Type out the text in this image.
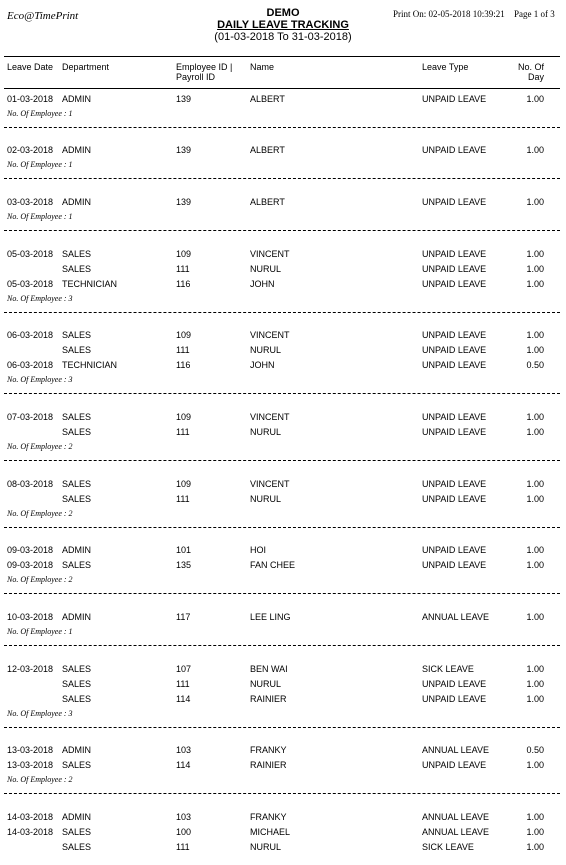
Eco@TimePrint	DEMO
DAILY LEAVE TRACKING
(01-03-2018 To 31-03-2018)
Print On: 02-05-2018 10:39:21 Page 1 of 3
Leave Date Department	Employee ID |
Payroll ID
Name	Leave Type	No. Of
Day
01-03-2018 ADMIN	139	ALBERT	UNPAID LEAVE	1.00
No. Of Employee : 1
02-03-2018 ADMIN	139	ALBERT	UNPAID LEAVE	1.00
No. Of Employee : 1
03-03-2018 ADMIN	139	ALBERT	UNPAID LEAVE	1.00
No. Of Employee : 1
05-03-2018 SALES	109	VINCENT	UNPAID LEAVE	1.00
SALES	111	NURUL	UNPAID LEAVE	1.00
05-03-2018 TECHNICIAN	116	JOHN	UNPAID LEAVE	1.00
No. Of Employee : 3
06-03-2018 SALES	109	VINCENT	UNPAID LEAVE	1.00
SALES	111	NURUL	UNPAID LEAVE	1.00
06-03-2018 TECHNICIAN	116	JOHN	UNPAID LEAVE	0.50
No. Of Employee : 3
07-03-2018 SALES	109	VINCENT	UNPAID LEAVE	1.00
SALES	111	NURUL	UNPAID LEAVE	1.00
No. Of Employee : 2
08-03-2018 SALES	109	VINCENT	UNPAID LEAVE	1.00
SALES	111	NURUL	UNPAID LEAVE	1.00
No. Of Employee : 2
09-03-2018 ADMIN	101	HOI	UNPAID LEAVE	1.00
09-03-2018 SALES	135	FAN CHEE	UNPAID LEAVE	1.00
No. Of Employee : 2
10-03-2018 ADMIN	117	LEE LING	ANNUAL LEAVE	1.00
No. Of Employee : 1
12-03-2018 SALES	107	BEN WAI	SICK LEAVE	1.00
SALES	111	NURUL	UNPAID LEAVE	1.00
SALES	114	RAINIER	UNPAID LEAVE	1.00
No. Of Employee : 3
13-03-2018 ADMIN	103	FRANKY	ANNUAL LEAVE	0.50
13-03-2018 SALES	114	RAINIER	UNPAID LEAVE	1.00
No. Of Employee : 2
14-03-2018 ADMIN	103	FRANKY	ANNUAL LEAVE	1.00
14-03-2018 SALES	100	MICHAEL	ANNUAL LEAVE	1.00
SALES	111	NURUL	SICK LEAVE	1.00
